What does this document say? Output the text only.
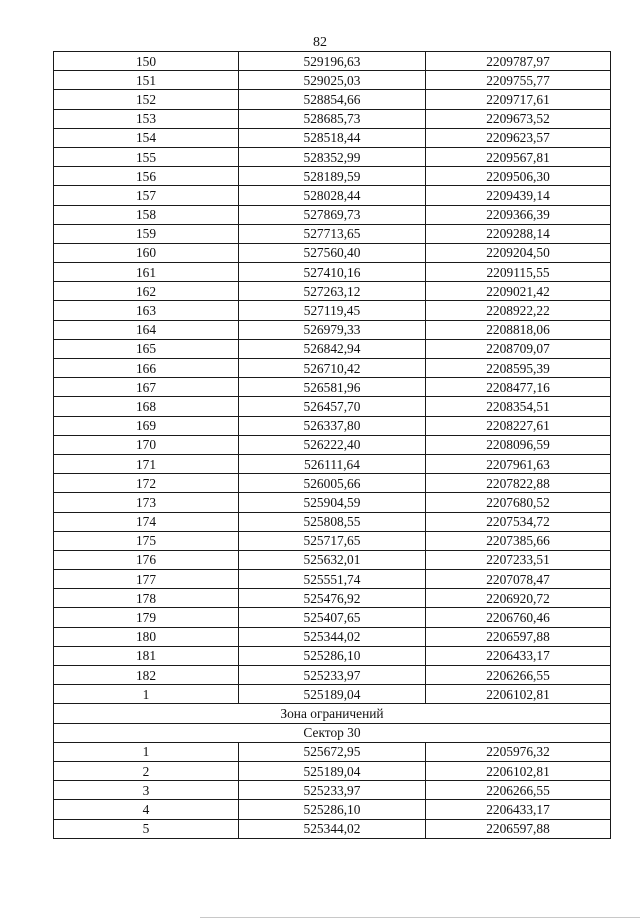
82
150	529196,63	2209787,97
151	529025,03	2209755,77
152	528854,66	2209717,61
153	528685,73	2209673,52
154	528518,44	2209623,57
155	528352,99	2209567,81
156	528189,59	2209506,30
157	528028,44	2209439,14
158	527869,73	2209366,39
159	527713,65	2209288,14
160	527560,40	2209204,50
161	527410,16	2209115,55
162	527263,12	2209021,42
163	527119,45	2208922,22
164	526979,33	2208818,06
165	526842,94	2208709,07
166	526710,42	2208595,39
167	526581,96	2208477,16
168	526457,70	2208354,51
169	526337,80	2208227,61
170	526222,40	2208096,59
171	526111,64	2207961,63
172	526005,66	2207822,88
173	525904,59	2207680,52
174	525808,55	2207534,72
175	525717,65	2207385,66
176	525632,01	2207233,51
177	525551,74	2207078,47
178	525476,92	2206920,72
179	525407,65	2206760,46
180	525344,02	2206597,88
181	525286,10	2206433,17
182	525233,97	2206266,55
1	525189,04	2206102,81
Зона ограничений		
Сектор 30		
1	525672,95	2205976,32
2	525189,04	2206102,81
3	525233,97	2206266,55
4	525286,10	2206433,17
5	525344,02	2206597,88
